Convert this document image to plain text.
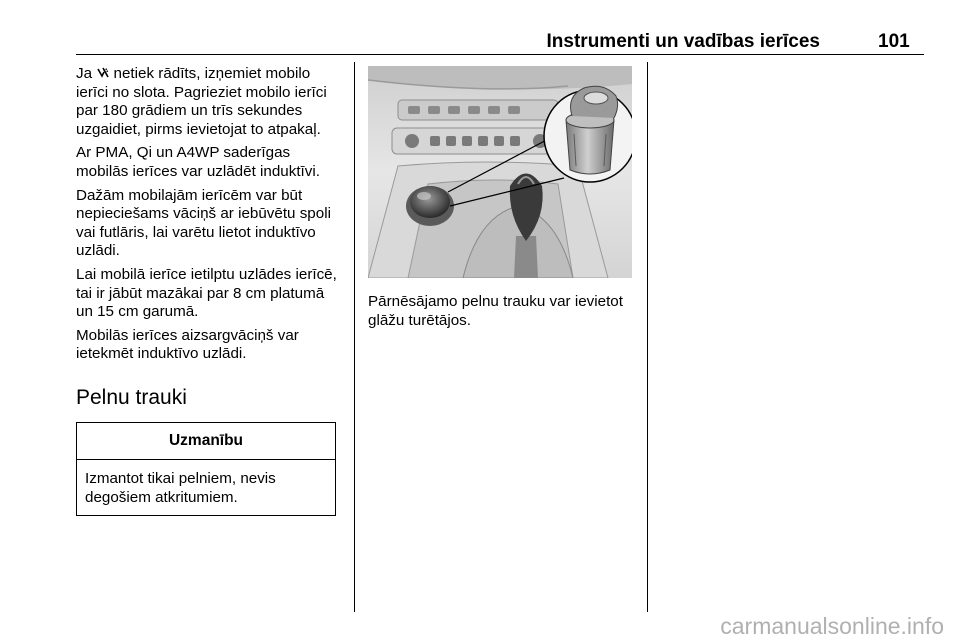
Instrumenti un vadības ierīces	101

Ja netiek rādīts, izņemiet mobilo ierīci no slota. Pagrieziet mobilo ierīci par 180 grādiem un trīs sekundes uzgaidiet, pirms ievietojat to atpakaļ.

Ar PMA, Qi un A4WP saderīgas mobilās ierīces var uzlādēt induktīvi.

Dažām mobilajām ierīcēm var būt nepieciešams vāciņš ar iebūvētu spoli vai futlāris, lai varētu lietot induktīvo uzlādi.

Lai mobilā ierīce ietilptu uzlādes ierīcē, tai ir jābūt mazākai par 8 cm platumā un 15 cm garumā.

Mobilās ierīces aizsargvāciņš var ietekmēt induktīvo uzlādi.

Pelnu trauki
Uzmanību
Izmantot tikai pelniem, nevis degošiem atkritumiem.
Pārnēsājamo pelnu trauku var ievietot glāžu turētājos.
carmanualsonline.info
